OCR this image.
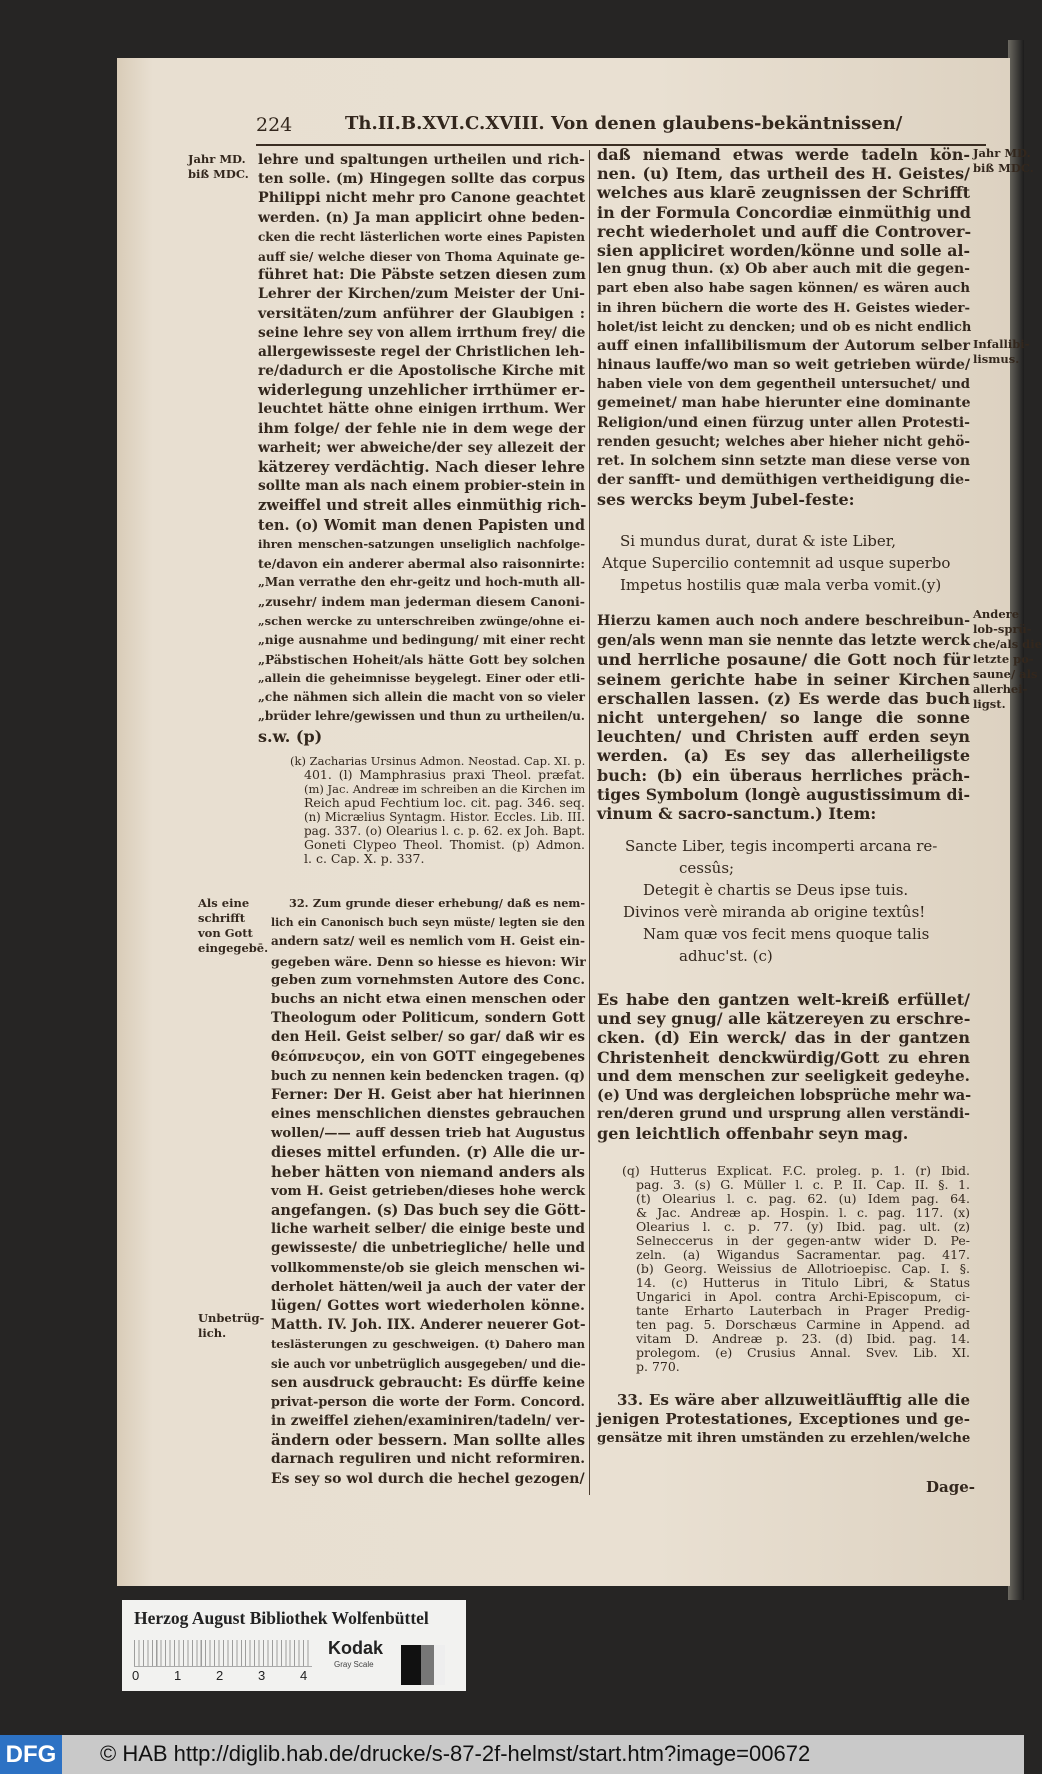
224	Th.II.B.XVI.C.XVIII. Von denen glaubens-bekäntnissen/
Jahr MD.
biß MDC.
Jahr MD.
biß MDC.
Infallibi-
lismus.
Andere
lob-sprü-
che/als die
letzte po-
saune/ als
allerhei-
ligst.
Als eine
schrifft
von Gott
eingegebē.
Unbetrüg-
lich.
lehre und spaltungen urtheilen und rich-
ten solle. (m) Hingegen sollte das corpus
Philippi nicht mehr pro Canone geachtet
werden. (n) Ja man applicirt ohne beden-
cken die recht lästerlichen worte eines Papisten
auff sie/ welche dieser von Thoma Aquinate ge-
führet hat: Die Päbste setzen diesen zum
Lehrer der Kirchen/zum Meister der Uni-
versitäten/zum anführer der Glaubigen :
seine lehre sey von allem irrthum frey/ die
allergewisseste regel der Christlichen leh-
re/dadurch er die Apostolische Kirche mit
widerlegung unzehlicher irrthümer er-
leuchtet hätte ohne einigen irrthum. Wer
ihm folge/ der fehle nie in dem wege der
warheit; wer abweiche/der sey allezeit der
kätzerey verdächtig. Nach dieser lehre
sollte man als nach einem probier-stein in
zweiffel und streit alles einmüthig rich-
ten. (o) Womit man denen Papisten und
ihren menschen-satzungen unseliglich nachfolge-
te/davon ein anderer abermal also raisonnirte:
„Man verrathe den ehr-geitz und hoch-muth all-
„zusehr/ indem man jederman diesem Canoni-
„schen wercke zu unterschreiben zwünge/ohne ei-
„nige ausnahme und bedingung/ mit einer recht
„Päbstischen Hoheit/als hätte Gott bey solchen
„allein die geheimnisse beygelegt. Einer oder etli-
„che nähmen sich allein die macht von so vieler
„brüder lehre/gewissen und thun zu urtheilen/u.
s.w. (p)
(k) Zacharias Ursinus Admon. Neostad. Cap. XI. p.
401. (l) Mamphrasius praxi Theol. præfat.
(m) Jac. Andreæ im schreiben an die Kirchen im
Reich apud Fechtium loc. cit. pag. 346. seq.
(n) Micrælius Syntagm. Histor. Eccles. Lib. III.
pag. 337. (o) Olearius l. c. p. 62. ex Joh. Bapt.
Goneti Clypeo Theol. Thomist. (p) Admon.
l. c. Cap. X. p. 337.
32. Zum grunde dieser erhebung/ daß es nem-
lich ein Canonisch buch seyn müste/ legten sie den
andern satz/ weil es nemlich vom H. Geist ein-
gegeben wäre. Denn so hiesse es hievon: Wir
geben zum vornehmsten Autore des Conc.
buchs an nicht etwa einen menschen oder
Theologum oder Politicum, sondern Gott
den Heil. Geist selber/ so gar/ daß wir es
θεόπνευςον, ein von GOTT eingegebenes
buch zu nennen kein bedencken tragen. (q)
Ferner: Der H. Geist aber hat hierinnen
eines menschlichen dienstes gebrauchen
wollen/—— auff dessen trieb hat Augustus
dieses mittel erfunden. (r) Alle die ur-
heber hätten von niemand anders als
vom H. Geist getrieben/dieses hohe werck
angefangen. (s) Das buch sey die Gött-
liche warheit selber/ die einige beste und
gewisseste/ die unbetriegliche/ helle und
vollkommenste/ob sie gleich menschen wi-
derholet hätten/weil ja auch der vater der
lügen/ Gottes wort wiederholen könne.
Matth. IV. Joh. IIX. Anderer neuerer Got-
teslästerungen zu geschweigen. (t) Dahero man
sie auch vor unbetrüglich ausgegeben/ und die-
sen ausdruck gebraucht: Es dürffe keine
privat-person die worte der Form. Concord.
in zweiffel ziehen/examiniren/tadeln/ ver-
ändern oder bessern. Man sollte alles
darnach reguliren und nicht reformiren.
Es sey so wol durch die hechel gezogen/
daß niemand etwas werde tadeln kön-
nen. (u) Item, das urtheil des H. Geistes/
welches aus klarē zeugnissen der Schrifft
in der Formula Concordiæ einmüthig und
recht wiederholet und auff die Controver-
sien appliciret worden/könne und solle al-
len gnug thun. (x) Ob aber auch mit die gegen-
part eben also habe sagen können/ es wären auch
in ihren büchern die worte des H. Geistes wieder-
holet/ist leicht zu dencken; und ob es nicht endlich
auff einen infallibilismum der Autorum selber
hinaus lauffe/wo man so weit getrieben würde/
haben viele von dem gegentheil untersuchet/ und
gemeinet/ man habe hierunter eine dominante
Religion/und einen fürzug unter allen Protesti-
renden gesucht; welches aber hieher nicht gehö-
ret. In solchem sinn setzte man diese verse von
der sanfft- und demüthigen vertheidigung die-
ses wercks beym Jubel-feste:
Si mundus durat, durat & iste Liber,
Atque Supercilio contemnit ad usque superbo
Impetus hostilis quæ mala verba vomit.(y)
Hierzu kamen auch noch andere beschreibun-
gen/als wenn man sie nennte das letzte werck
und herrliche posaune/ die Gott noch für
seinem gerichte habe in seiner Kirchen
erschallen lassen. (z) Es werde das buch
nicht untergehen/ so lange die sonne
leuchten/ und Christen auff erden seyn
werden. (a) Es sey das allerheiligste
buch: (b) ein überaus herrliches präch-
tiges Symbolum (longè augustissimum di-
vinum & sacro-sanctum.) Item:
Sancte Liber, tegis incomperti arcana re-
cessûs;
Detegit è chartis se Deus ipse tuis.
Divinos verè miranda ab origine textûs!
Nam quæ vos fecit mens quoque talis
adhuc'st. (c)
Es habe den gantzen welt-kreiß erfüllet/
und sey gnug/ alle kätzereyen zu erschre-
cken. (d) Ein werck/ das in der gantzen
Christenheit denckwürdig/Gott zu ehren
und dem menschen zur seeligkeit gedeyhe.
(e) Und was dergleichen lobsprüche mehr wa-
ren/deren grund und ursprung allen verständi-
gen leichtlich offenbahr seyn mag.
(q) Hutterus Explicat. F.C. proleg. p. 1. (r) Ibid.
pag. 3. (s) G. Müller l. c. P. II. Cap. II. §. 1.
(t) Olearius l. c. pag. 62. (u) Idem pag. 64.
& Jac. Andreæ ap. Hospin. l. c. pag. 117. (x)
Olearius l. c. p. 77. (y) Ibid. pag. ult. (z)
Selneccerus in der gegen-antw wider D. Pe-
zeln. (a) Wigandus Sacramentar. pag. 417.
(b) Georg. Weissius de Allotrioepisc. Cap. I. §.
14. (c) Hutterus in Titulo Libri, & Status
Ungarici in Apol. contra Archi-Episcopum, ci-
tante Erharto Lauterbach in Prager Predig-
ten pag. 5. Dorschæus Carmine in Append. ad
vitam D. Andreæ p. 23. (d) Ibid. pag. 14.
prolegom. (e) Crusius Annal. Svev. Lib. XI.
p. 770.
33. Es wäre aber allzuweitläufftig alle die
jenigen Protestationes, Exceptiones und ge-
gensätze mit ihren umständen zu erzehlen/welche
Dage-
Herzog August Bibliothek Wolfenbüttel
0	1	2	3	4
Kodak
Gray Scale
DFG © HAB http://diglib.hab.de/drucke/s-87-2f-helmst/start.htm?image=00672
